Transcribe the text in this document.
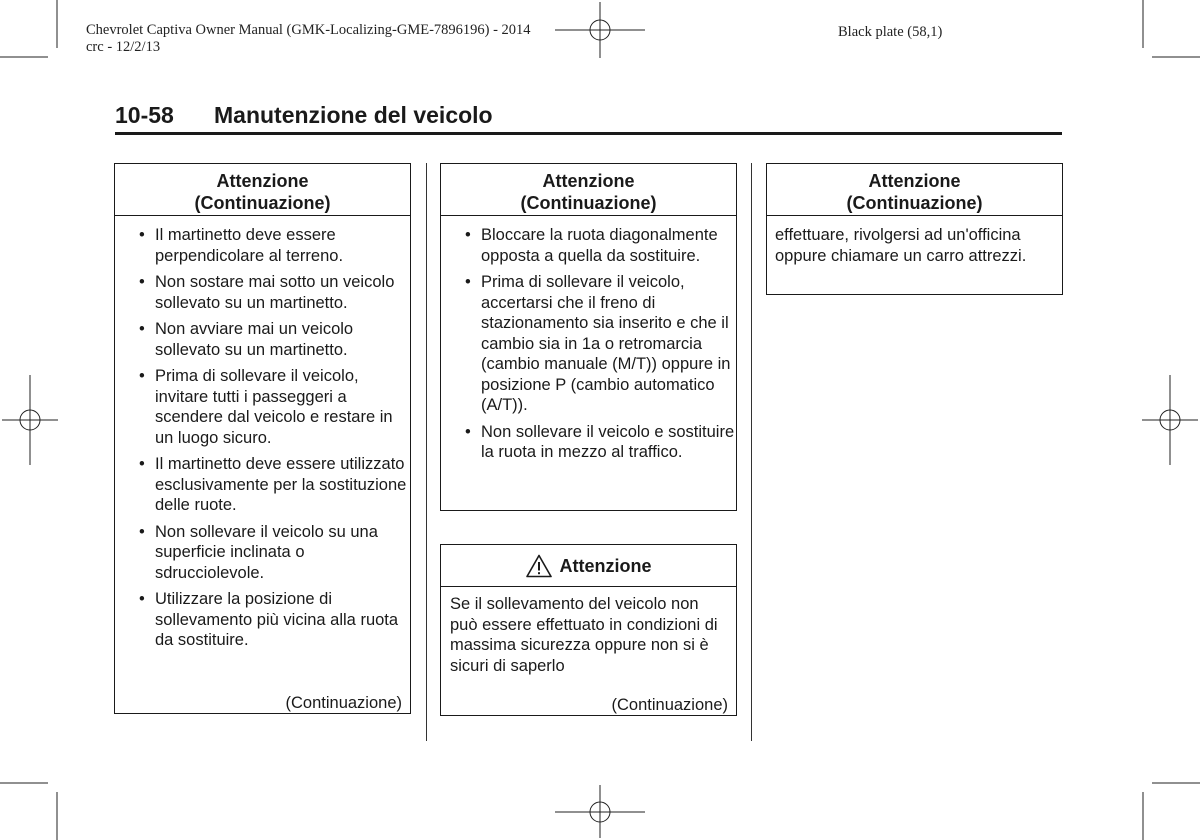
Chevrolet Captiva Owner Manual (GMK-Localizing-GME-7896196) - 2014
crc - 12/2/13
Black plate (58,1)
10-58 Manutenzione del veicolo
Attenzione
(Continuazione)
• Il martinetto deve essere perpendicolare al terreno.
• Non sostare mai sotto un veicolo sollevato su un martinetto.
• Non avviare mai un veicolo sollevato su un martinetto.
• Prima di sollevare il veicolo, invitare tutti i passeggeri a scendere dal veicolo e restare in un luogo sicuro.
• Il martinetto deve essere utilizzato esclusivamente per la sostituzione delle ruote.
• Non sollevare il veicolo su una superficie inclinata o sdrucciolevole.
• Utilizzare la posizione di sollevamento più vicina alla ruota da sostituire.
(Continuazione)
Attenzione
(Continuazione)
• Bloccare la ruota diagonalmente opposta a quella da sostituire.
• Prima di sollevare il veicolo, accertarsi che il freno di stazionamento sia inserito e che il cambio sia in 1a o retromarcia (cambio manuale (M/T)) oppure in posizione P (cambio automatico (A/T)).
• Non sollevare il veicolo e sostituire la ruota in mezzo al traffico.
Attenzione
Se il sollevamento del veicolo non può essere effettuato in condizioni di massima sicurezza oppure non si è sicuri di saperlo
(Continuazione)
Attenzione
(Continuazione)
effettuare, rivolgersi ad un'officina oppure chiamare un carro attrezzi.
